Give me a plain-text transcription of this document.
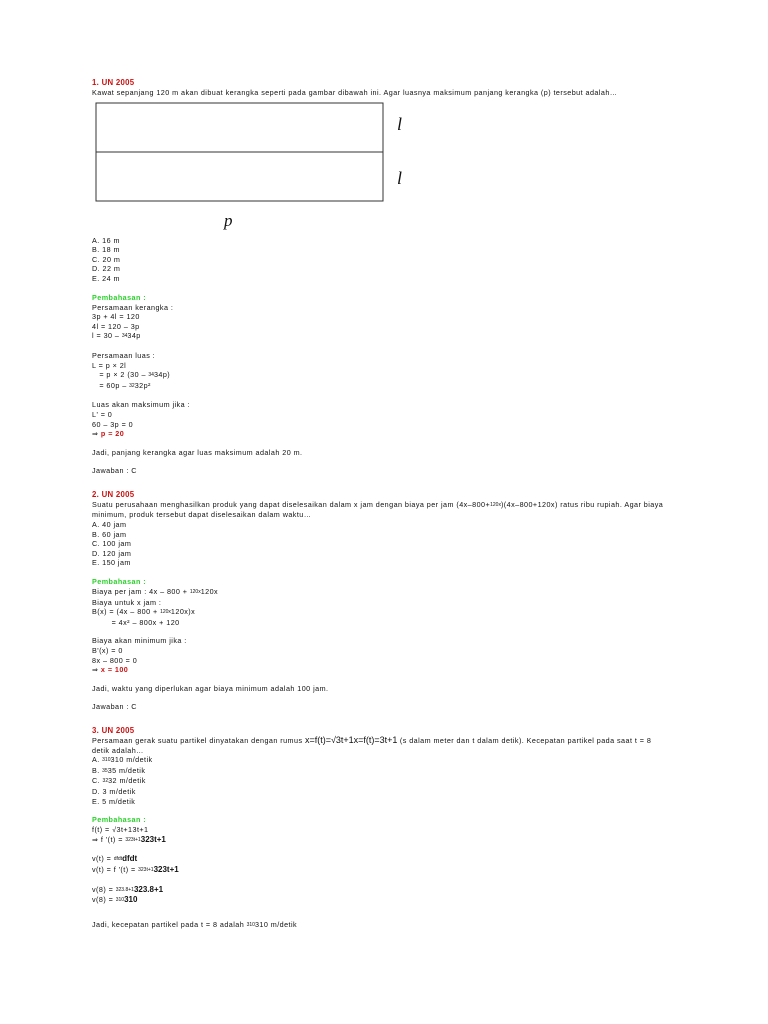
1. UN 2005

Kawat sepanjang 120 m akan dibuat kerangka seperti pada gambar dibawah ini. Agar luasnya maksimum panjang kerangka (p) tersebut adalah…

l
l
p

A. 16 m

B. 18 m

C. 20 m

D. 22 m

E. 24 m

Pembahasan :

Persamaan kerangka :

3p + 4l = 120

4l = 120 – 3p

l = 30 – 3434p

Persamaan luas :

L = p × 2l

= p × 2 (30 – 3434p)

= 60p – 3232p²

Luas akan maksimum jika :

L' = 0

60 – 3p = 0

⇒ p = 20

Jadi, panjang kerangka agar luas maksimum adalah 20 m.

Jawaban : C

2. UN 2005

Suatu perusahaan menghasilkan produk yang dapat diselesaikan dalam x jam dengan biaya per jam (4x–800+120x)(4x–800+120x) ratus ribu rupiah. Agar biaya minimum, produk tersebut dapat diselesaikan dalam waktu…

A. 40 jam

B. 60 jam

C. 100 jam

D. 120 jam

E. 150 jam

Pembahasan :

Biaya per jam : 4x – 800 + 120x120x

Biaya untuk x jam :

B(x) = (4x – 800 + 120x120x)x

= 4x² – 800x + 120

Biaya akan minimum jika :

B'(x) = 0

8x – 800 = 0

⇒ x = 100

Jadi, waktu yang diperlukan agar biaya minimum adalah 100 jam.

Jawaban : C

3. UN 2005

Persamaan gerak suatu partikel dinyatakan dengan rumus x=f(t)=√3t+1x=f(t)=3t+1 (s dalam meter dan t dalam detik). Kecepatan partikel pada saat t = 8 detik adalah…

A. 310310 m/detik

B. 3535 m/detik

C. 3232 m/detik

D. 3 m/detik

E. 5 m/detik

Pembahasan :

f(t) = √3t+13t+1

⇒ f '(t) = 323t+1323t+1

v(t) = dfdtdfdt

v(t) = f '(t) = 323t+1323t+1

v(8) = 323.8+1323.8+1

v(8) = 310310

Jadi, kecepatan partikel pada t = 8 adalah 310310 m/detik
